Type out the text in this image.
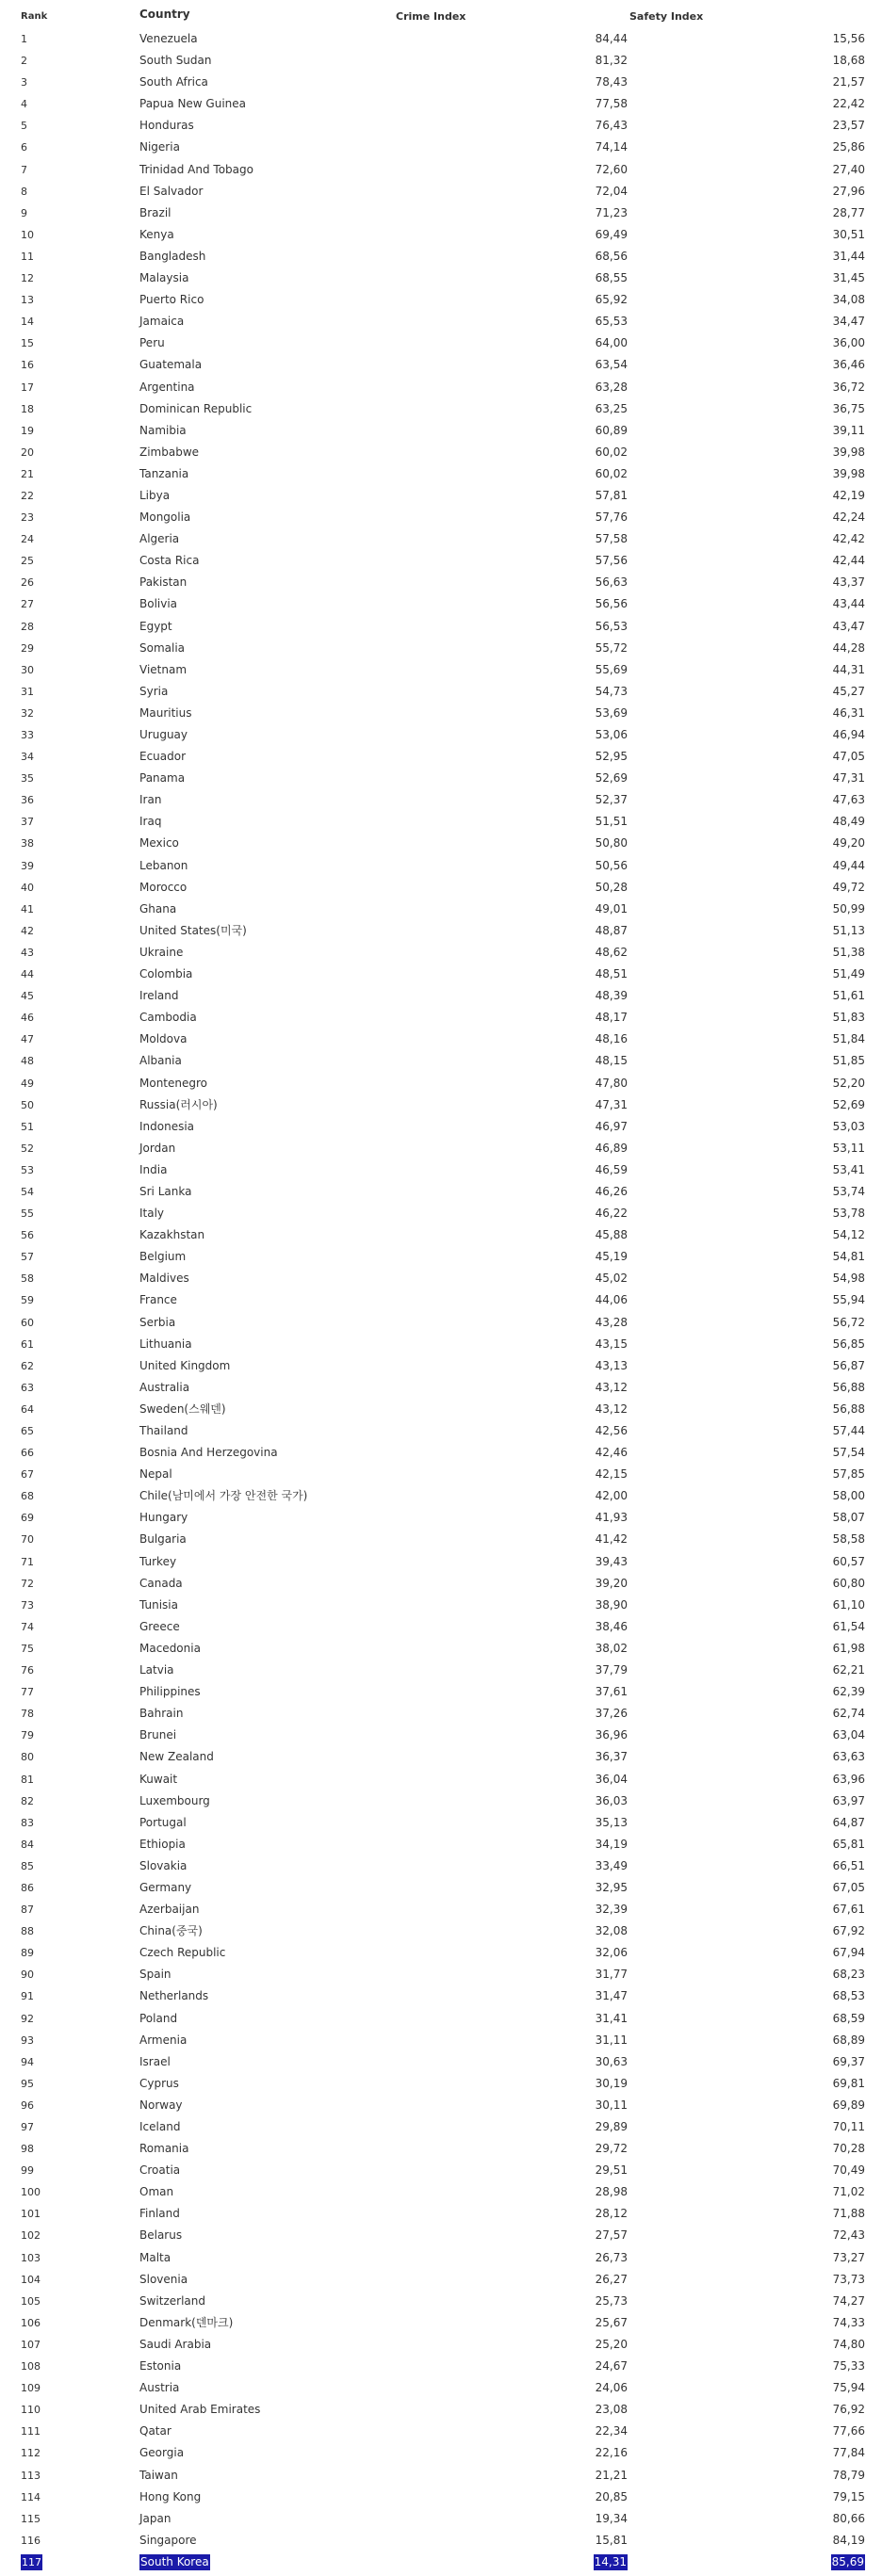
Rank	Country	Crime Index	Safety Index
1	Venezuela	84,44	15,56
2	South Sudan	81,32	18,68
3	South Africa	78,43	21,57
4	Papua New Guinea	77,58	22,42
5	Honduras	76,43	23,57
6	Nigeria	74,14	25,86
7	Trinidad And Tobago	72,60	27,40
8	El Salvador	72,04	27,96
9	Brazil	71,23	28,77
10	Kenya	69,49	30,51
11	Bangladesh	68,56	31,44
12	Malaysia	68,55	31,45
13	Puerto Rico	65,92	34,08
14	Jamaica	65,53	34,47
15	Peru	64,00	36,00
16	Guatemala	63,54	36,46
17	Argentina	63,28	36,72
18	Dominican Republic	63,25	36,75
19	Namibia	60,89	39,11
20	Zimbabwe	60,02	39,98
21	Tanzania	60,02	39,98
22	Libya	57,81	42,19
23	Mongolia	57,76	42,24
24	Algeria	57,58	42,42
25	Costa Rica	57,56	42,44
26	Pakistan	56,63	43,37
27	Bolivia	56,56	43,44
28	Egypt	56,53	43,47
29	Somalia	55,72	44,28
30	Vietnam	55,69	44,31
31	Syria	54,73	45,27
32	Mauritius	53,69	46,31
33	Uruguay	53,06	46,94
34	Ecuador	52,95	47,05
35	Panama	52,69	47,31
36	Iran	52,37	47,63
37	Iraq	51,51	48,49
38	Mexico	50,80	49,20
39	Lebanon	50,56	49,44
40	Morocco	50,28	49,72
41	Ghana	49,01	50,99
42	United States(미국)	48,87	51,13
43	Ukraine	48,62	51,38
44	Colombia	48,51	51,49
45	Ireland	48,39	51,61
46	Cambodia	48,17	51,83
47	Moldova	48,16	51,84
48	Albania	48,15	51,85
49	Montenegro	47,80	52,20
50	Russia(러시아)	47,31	52,69
51	Indonesia	46,97	53,03
52	Jordan	46,89	53,11
53	India	46,59	53,41
54	Sri Lanka	46,26	53,74
55	Italy	46,22	53,78
56	Kazakhstan	45,88	54,12
57	Belgium	45,19	54,81
58	Maldives	45,02	54,98
59	France	44,06	55,94
60	Serbia	43,28	56,72
61	Lithuania	43,15	56,85
62	United Kingdom	43,13	56,87
63	Australia	43,12	56,88
64	Sweden(스웨덴)	43,12	56,88
65	Thailand	42,56	57,44
66	Bosnia And Herzegovina	42,46	57,54
67	Nepal	42,15	57,85
68	Chile(남미에서 가장 안전한 국가)	42,00	58,00
69	Hungary	41,93	58,07
70	Bulgaria	41,42	58,58
71	Turkey	39,43	60,57
72	Canada	39,20	60,80
73	Tunisia	38,90	61,10
74	Greece	38,46	61,54
75	Macedonia	38,02	61,98
76	Latvia	37,79	62,21
77	Philippines	37,61	62,39
78	Bahrain	37,26	62,74
79	Brunei	36,96	63,04
80	New Zealand	36,37	63,63
81	Kuwait	36,04	63,96
82	Luxembourg	36,03	63,97
83	Portugal	35,13	64,87
84	Ethiopia	34,19	65,81
85	Slovakia	33,49	66,51
86	Germany	32,95	67,05
87	Azerbaijan	32,39	67,61
88	China(중국)	32,08	67,92
89	Czech Republic	32,06	67,94
90	Spain	31,77	68,23
91	Netherlands	31,47	68,53
92	Poland	31,41	68,59
93	Armenia	31,11	68,89
94	Israel	30,63	69,37
95	Cyprus	30,19	69,81
96	Norway	30,11	69,89
97	Iceland	29,89	70,11
98	Romania	29,72	70,28
99	Croatia	29,51	70,49
100	Oman	28,98	71,02
101	Finland	28,12	71,88
102	Belarus	27,57	72,43
103	Malta	26,73	73,27
104	Slovenia	26,27	73,73
105	Switzerland	25,73	74,27
106	Denmark(덴마크)	25,67	74,33
107	Saudi Arabia	25,20	74,80
108	Estonia	24,67	75,33
109	Austria	24,06	75,94
110	United Arab Emirates	23,08	76,92
111	Qatar	22,34	77,66
112	Georgia	22,16	77,84
113	Taiwan	21,21	78,79
114	Hong Kong	20,85	79,15
115	Japan	19,34	80,66
116	Singapore	15,81	84,19
117	South Korea	14,31	85,69
